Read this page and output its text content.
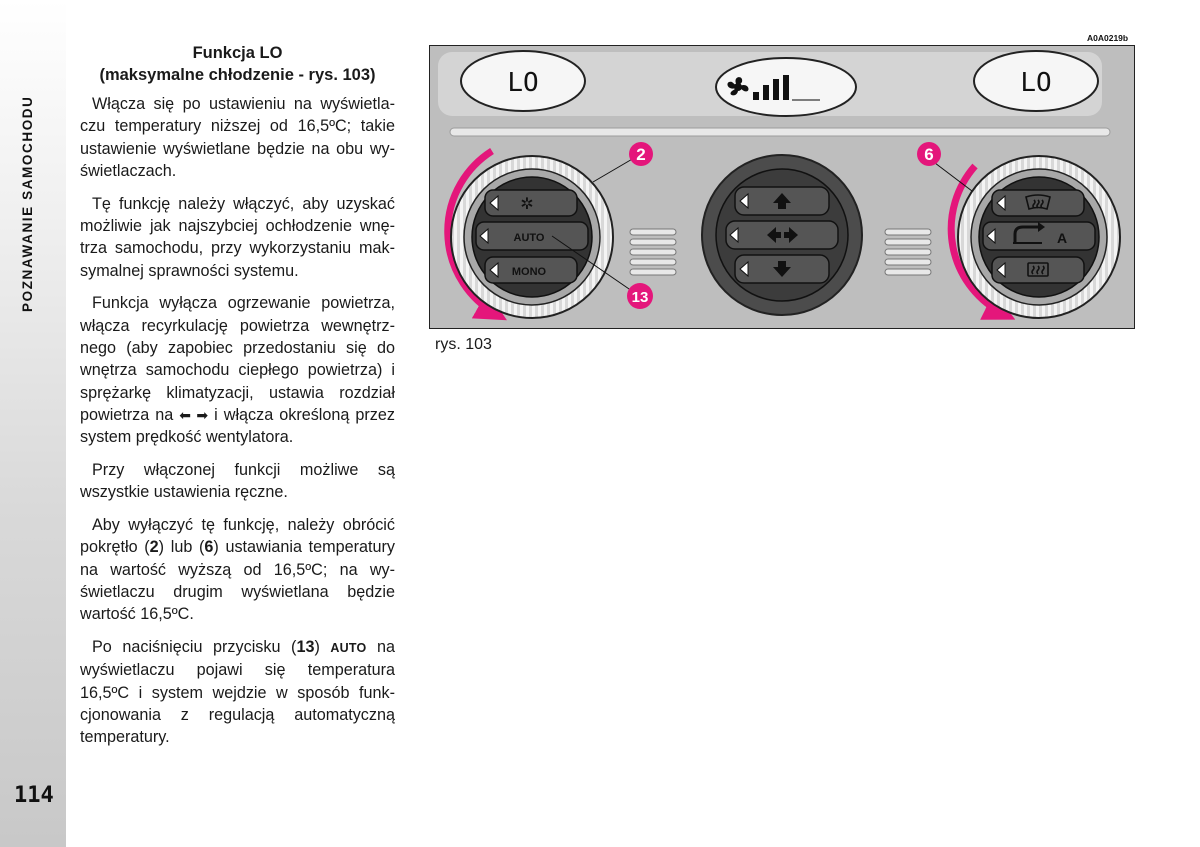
POZNAWANIE SAMOCHODU
114
Funkcja LO
(maksymalne chłodzenie - rys. 103)

Włącza się po ustawieniu na wyświetlaczu temperatury niższej od 16,5ºC; takie ustawienie wyświetlane będzie na obu wyświetlaczach.

Tę funkcję należy włączyć, aby uzyskać możliwie jak najszybciej ochłodzenie wnętrza samochodu, przy wykorzystaniu maksymalnej sprawności systemu.

Funkcja wyłącza ogrzewanie powietrza, włącza recyrkulację powietrza wewnętrznego (aby zapobiec przedostaniu się do wnętrza samochodu ciepłego powietrza) i sprężarkę klimatyzacji, ustawia rozdział powietrza na ⬅ ➡ i włącza określoną przez system prędkość wentylatora.

Przy włączonej funkcji możliwe są wszystkie ustawienia ręczne.

Aby wyłączyć tę funkcję, należy obrócić pokrętło (2) lub (6) ustawiania temperatury na wartość wyższą od 16,5ºC; na wyświetlaczu drugim wyświetlana będzie wartość 16,5ºC.

Po naciśnięciu przycisku (13) AUTO na wyświetlaczu pojawi się temperatura 16,5ºC i system wejdzie w sposób funkcjonowania z regulacją automatyczną temperatury.

A0A0219b
LO	LO
✲
AUTO
MONO
A
2	6
13
rys. 103
